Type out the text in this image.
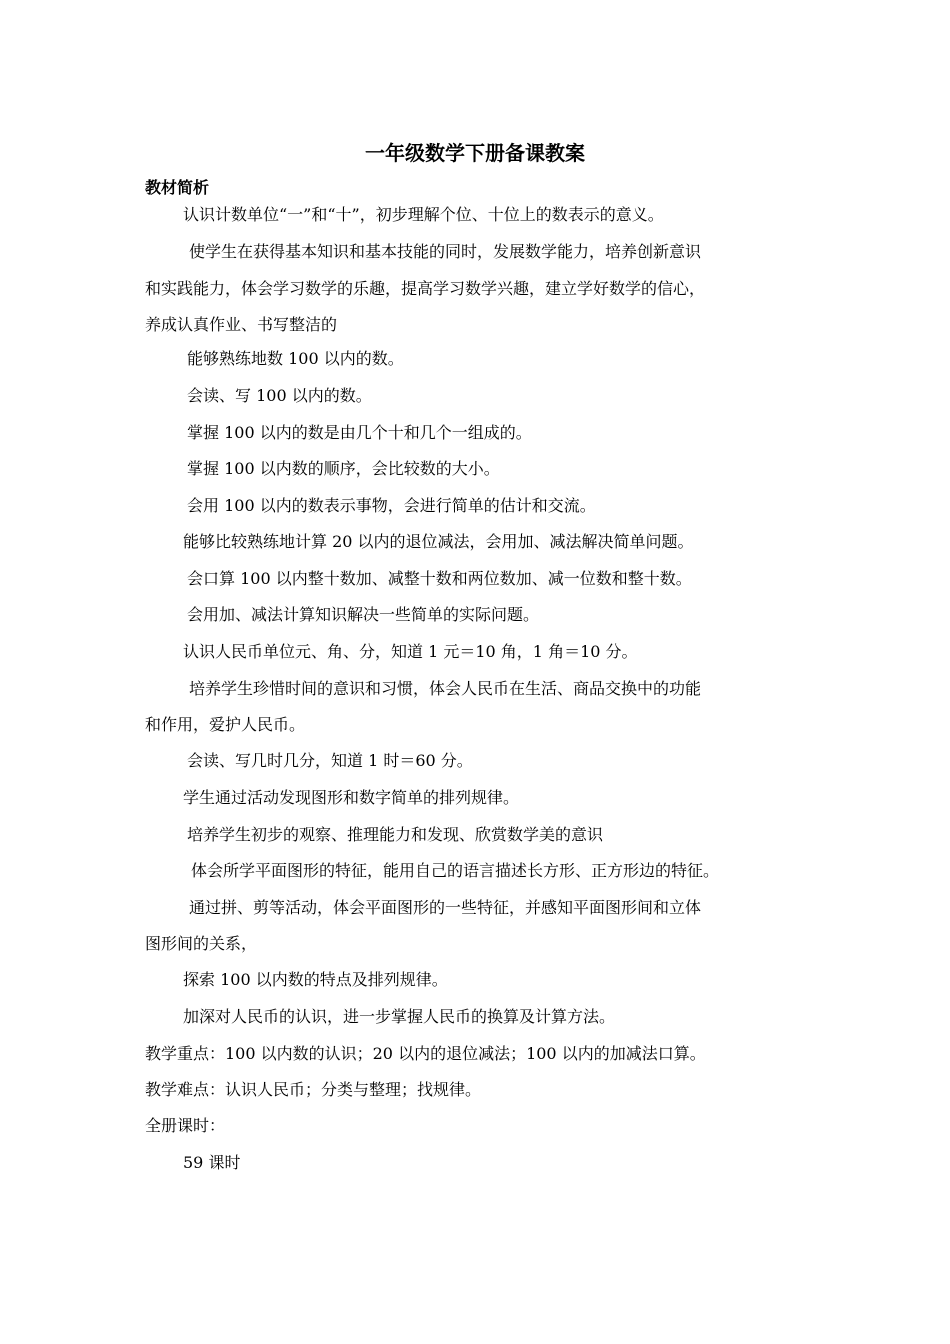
一年级数学下册备课教案
教材简析
认识计数单位“一”和“十”，初步理解个位、十位上的数表示的意义。
使学生在获得基本知识和基本技能的同时，发展数学能力，培养创新意识
和实践能力，体会学习数学的乐趣，提高学习数学兴趣，建立学好数学的信心，
养成认真作业、书写整洁的
能够熟练地数 100 以内的数。
会读、写 100 以内的数。
掌握 100 以内的数是由几个十和几个一组成的。
掌握 100 以内数的顺序，会比较数的大小。
会用 100 以内的数表示事物，会进行简单的估计和交流。
能够比较熟练地计算 20 以内的退位减法，会用加、减法解决简单问题。
会口算 100 以内整十数加、减整十数和两位数加、减一位数和整十数。
会用加、减法计算知识解决一些简单的实际问题。
认识人民币单位元、角、分，知道 1 元＝10 角，1 角＝10 分。
培养学生珍惜时间的意识和习惯，体会人民币在生活、商品交换中的功能
和作用，爱护人民币。
会读、写几时几分，知道 1 时＝60 分。
学生通过活动发现图形和数字简单的排列规律。
培养学生初步的观察、推理能力和发现、欣赏数学美的意识
体会所学平面图形的特征，能用自己的语言描述长方形、正方形边的特征。
通过拼、剪等活动，体会平面图形的一些特征，并感知平面图形间和立体
图形间的关系，
探索 100 以内数的特点及排列规律。
加深对人民币的认识，进一步掌握人民币的换算及计算方法。
教学重点：100 以内数的认识；20 以内的退位减法；100 以内的加减法口算。
教学难点：认识人民币；分类与整理；找规律。
全册课时：
59 课时
